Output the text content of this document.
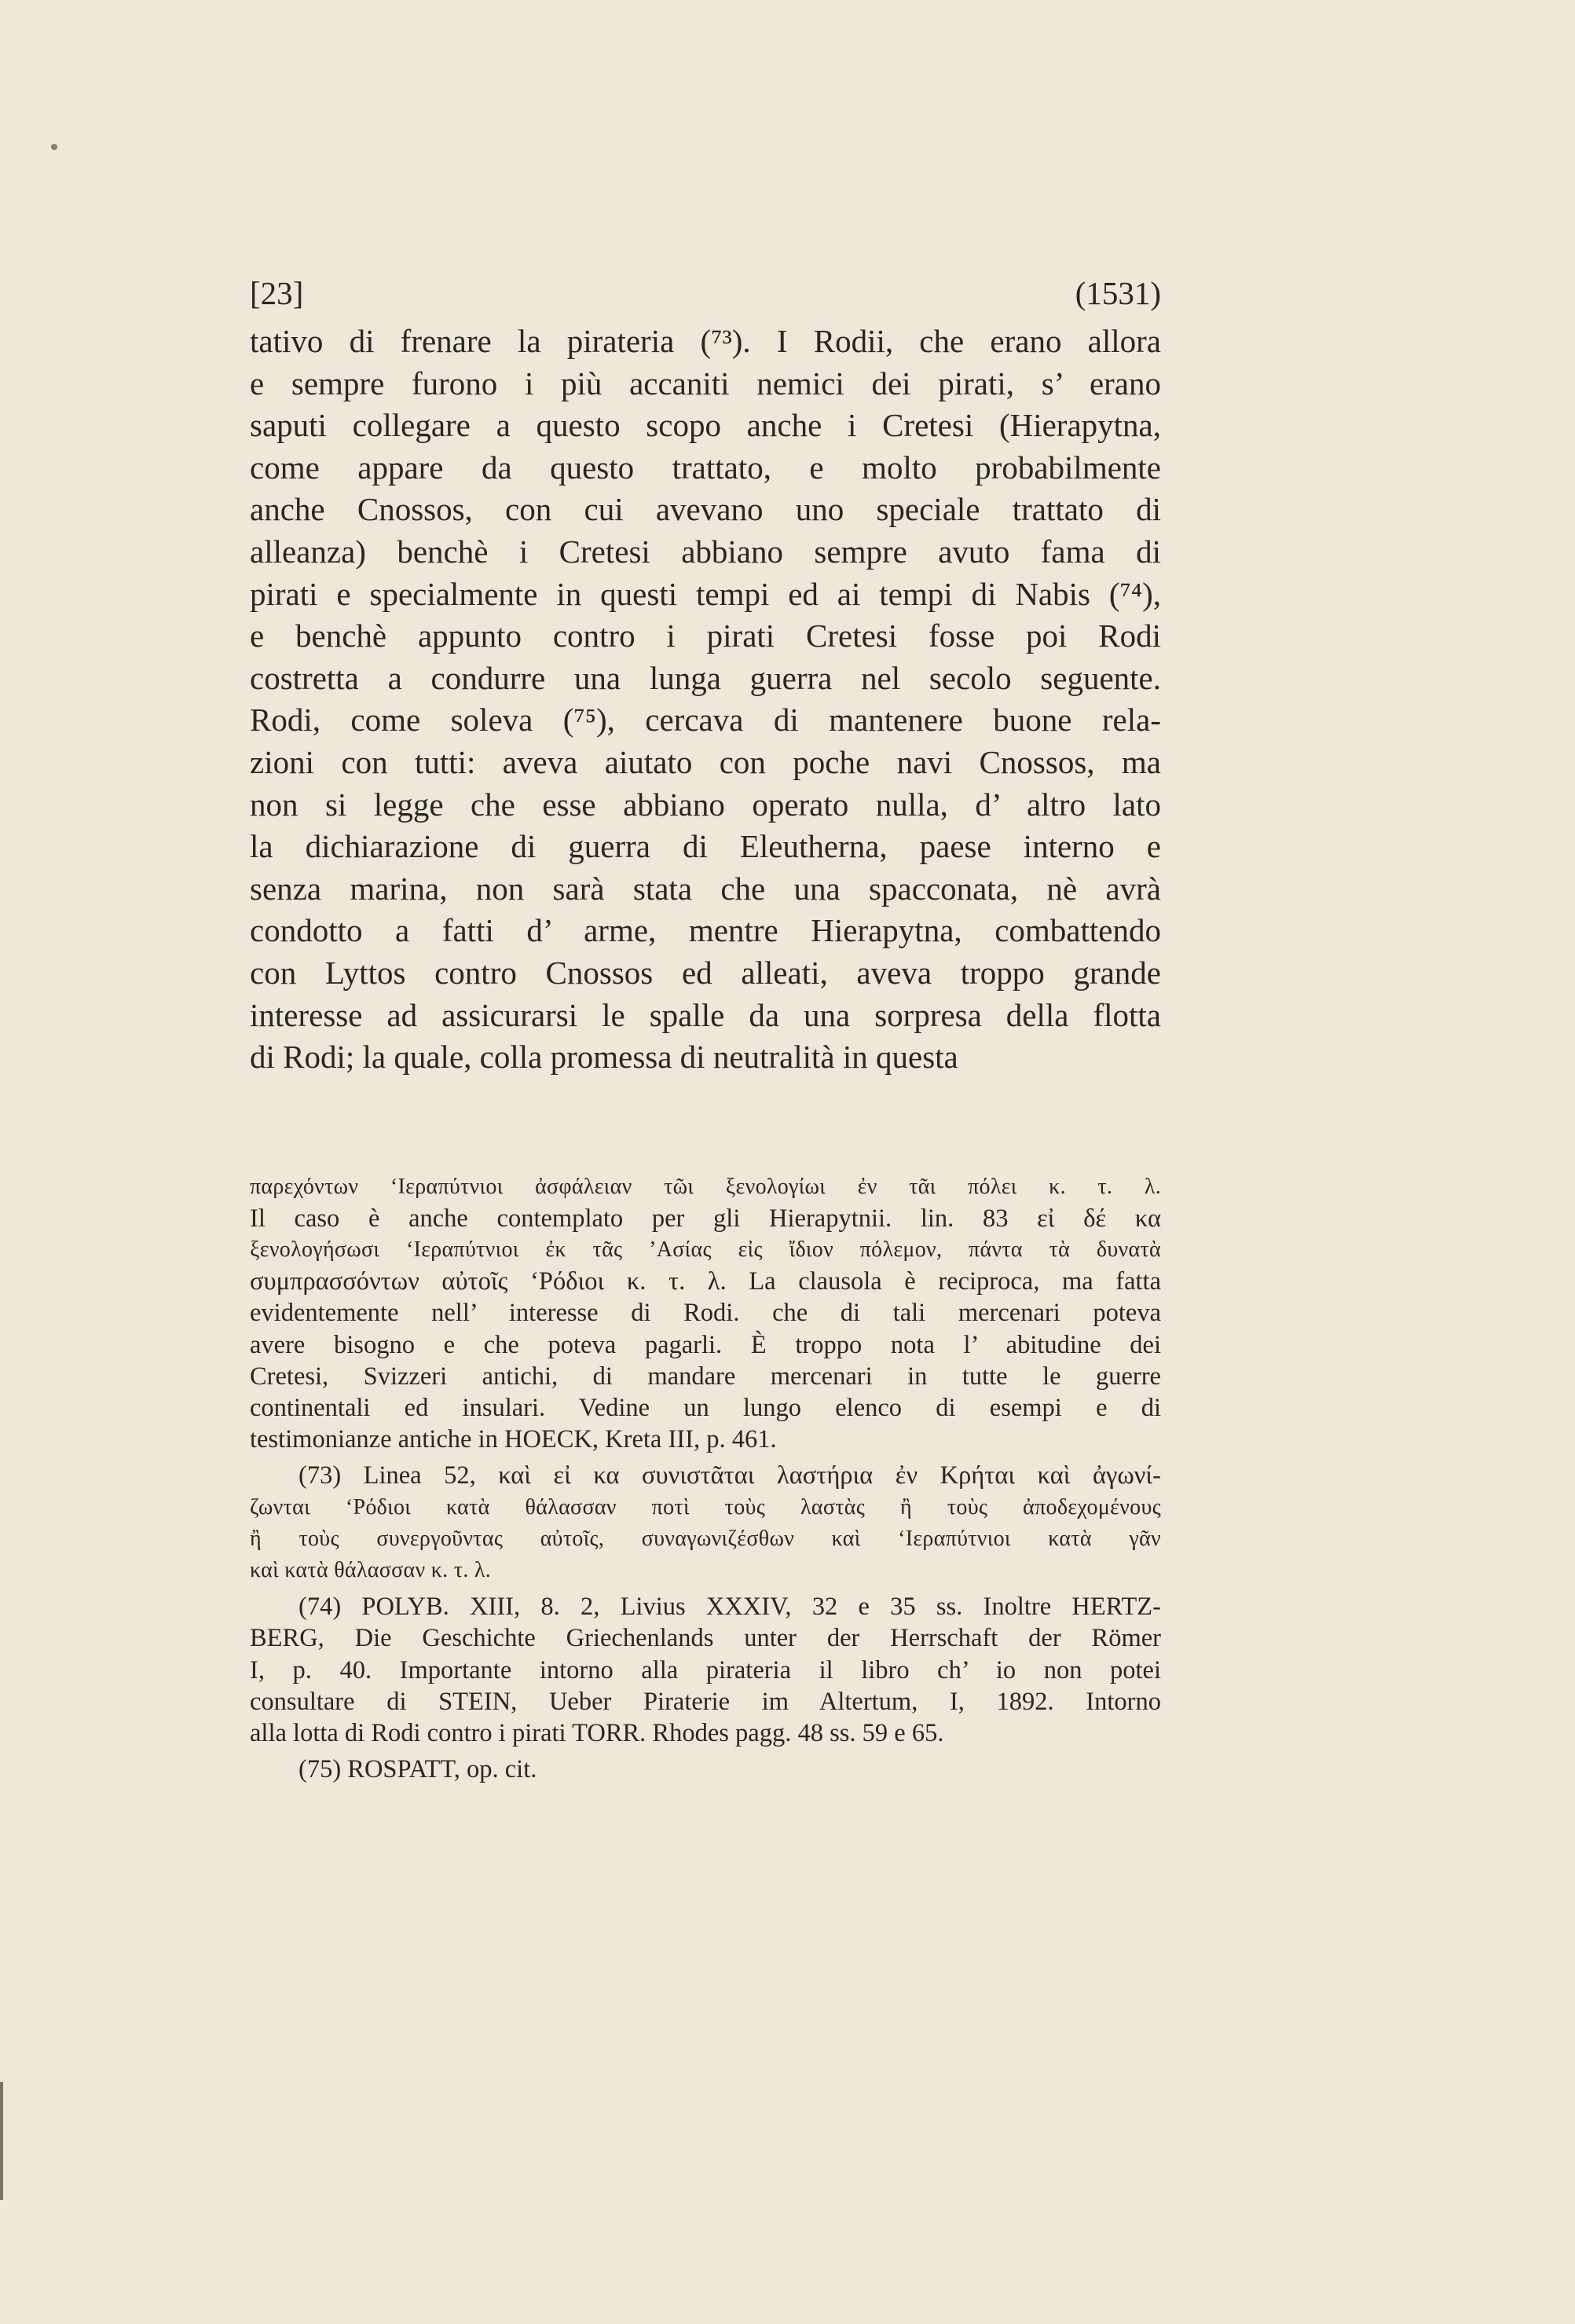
[23]	(1531)
tativo di frenare la pirateria (⁷³). I Rodii, che erano allora
e sempre furono i più accaniti nemici dei pirati, s’ erano
saputi collegare a questo scopo anche i Cretesi (Hierapytna,
come appare da questo trattato, e molto probabilmente
anche Cnossos, con cui avevano uno speciale trattato di
alleanza) benchè i Cretesi abbiano sempre avuto fama di
pirati e specialmente in questi tempi ed ai tempi di Nabis (⁷⁴),
e benchè appunto contro i pirati Cretesi fosse poi Rodi
costretta a condurre una lunga guerra nel secolo seguente.
Rodi, come soleva (⁷⁵), cercava di mantenere buone rela-
zioni con tutti: aveva aiutato con poche navi Cnossos, ma
non si legge che esse abbiano operato nulla, d’ altro lato
la dichiarazione di guerra di Eleutherna, paese interno e
senza marina, non sarà stata che una spacconata, nè avrà
condotto a fatti d’ arme, mentre Hierapytna, combattendo
con Lyttos contro Cnossos ed alleati, aveva troppo grande
interesse ad assicurarsi le spalle da una sorpresa della flotta
di Rodi; la quale, colla promessa di neutralità in questa
παρεχόντων ‘Ιεραπύτνιοι ἀσφάλειαν τῶι ξενολογίωι ἐν τᾶι πόλει κ. τ. λ.
Il caso è anche contemplato per gli Hierapytnii. lin. 83 εἰ δέ κα
ξενολογήσωσι ‘Ιεραπύτνιοι ἐκ τᾶς ’Ασίας εἰς ἴδιον πόλεμον, πάντα τὰ δυνατὰ
συμπρασσόντων αὐτοῖς ‘Ρόδιοι κ. τ. λ. La clausola è reciproca, ma fatta
evidentemente nell’ interesse di Rodi. che di tali mercenari poteva
avere bisogno e che poteva pagarli. È troppo nota l’ abitudine dei
Cretesi, Svizzeri antichi, di mandare mercenari in tutte le guerre
continentali ed insulari. Vedine un lungo elenco di esempi e di
testimonianze antiche in HOECK, Kreta III, p. 461.
(73) Linea 52, καὶ εἰ κα συνιστᾶται λαστήρια ἐν Κρήται καὶ ἀγωνί-
ζωνται ‘Ρόδιοι κατὰ θάλασσαν ποτὶ τοὺς λαστὰς ἢ τοὺς ἀποδεχομένους
ἢ τοὺς συνεργοῦντας αὐτοῖς, συναγωνιζέσθων καὶ ‘Ιεραπύτνιοι κατὰ γᾶν
καὶ κατὰ θάλασσαν κ. τ. λ.
(74) POLYB. XIII, 8. 2, Livius XXXIV, 32 e 35 ss. Inoltre HERTZ-
BERG, Die Geschichte Griechenlands unter der Herrschaft der Römer
I, p. 40. Importante intorno alla pirateria il libro ch’ io non potei
consultare di STEIN, Ueber Piraterie im Altertum, I, 1892. Intorno
alla lotta di Rodi contro i pirati TORR. Rhodes pagg. 48 ss. 59 e 65.
(75) ROSPATT, op. cit.
